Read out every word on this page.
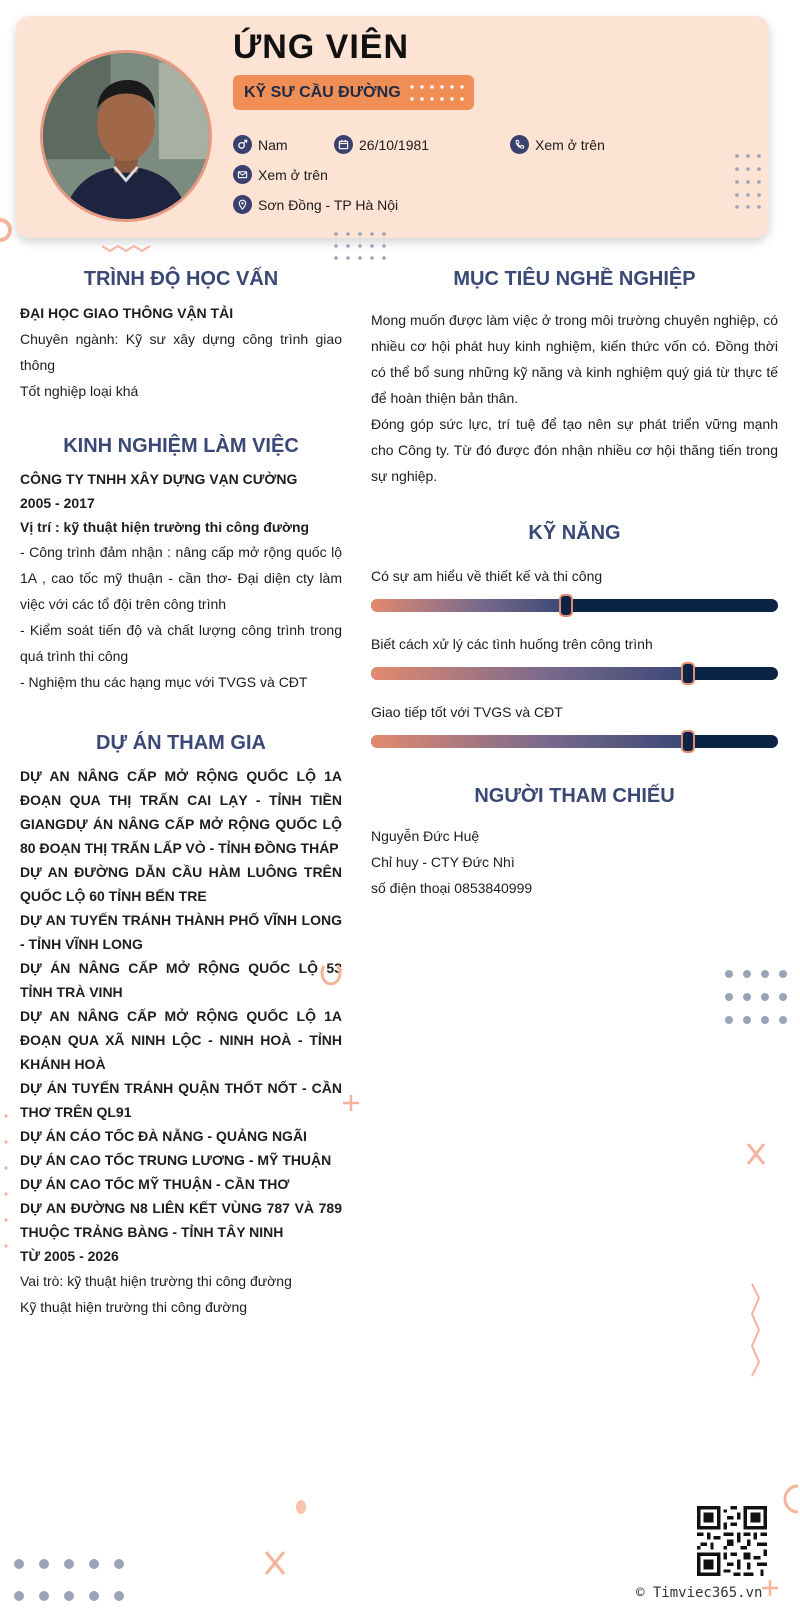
ỨNG VIÊN
KỸ SƯ CẦU ĐƯỜNG
Nam	26/10/1981	Xem ở trên
Xem ở trên
Sơn Đồng - TP Hà Nội
TRÌNH ĐỘ HỌC VẤN
ĐẠI HỌC GIAO THÔNG VẬN TẢI
Chuyên ngành: Kỹ sư xây dựng công trình giao thông
Tốt nghiệp loại khá
KINH NGHIỆM LÀM VIỆC
CÔNG TY TNHH XÂY DỰNG VẠN CƯỜNG
2005 - 2017
Vị trí : kỹ thuật hiện trường thi công đường
- Công trình đảm nhận : nâng cấp mở rộng quốc lộ 1A , cao tốc mỹ thuận - cần thơ- Đại diện cty làm việc với các tổ đội trên công trình
- Kiểm soát tiến độ và chất lượng công trình trong quá trình thi công
- Nghiệm thu các hạng mục với TVGS và CĐT
DỰ ÁN THAM GIA
DỰ AN NÂNG CẤP MỞ RỘNG QUỐC LỘ 1A ĐOẠN QUA THỊ TRẤN CAI LẠY - TỈNH TIỀN GIANGDỰ ÁN NÂNG CẤP MỞ RỘNG QUỐC LỘ 80 ĐOẠN THỊ TRẤN LẤP VÒ - TỈNH ĐỒNG THÁP
DỰ AN ĐƯỜNG DẪN CẦU HÀM LUÔNG TRÊN QUỐC LỘ 60 TỈNH BẾN TRE
DỰ AN TUYẾN TRÁNH THÀNH PHỐ VĨNH LONG - TỈNH VĨNH LONG
DỰ ÁN NÂNG CẤP MỞ RỘNG QUỐC LỘ 53 TỈNH TRÀ VINH
DỰ AN NÂNG CẤP MỞ RỘNG QUỐC LỘ 1A ĐOẠN QUA XÃ NINH LỘC - NINH HOÀ - TỈNH KHÁNH HOÀ
DỰ ÁN TUYẾN TRÁNH QUẬN THỐT NỐT - CẦN THƠ TRÊN QL91
DỰ ÁN CÁO TỐC ĐÀ NẴNG - QUẢNG NGÃI
DỰ ÁN CAO TỐC TRUNG LƯƠNG - MỸ THUẬN
DỰ ÁN CAO TỐC MỸ THUẬN - CẦN THƠ
DỰ AN ĐƯỜNG N8 LIÊN KẾT VÙNG 787 VÀ 789 THUỘC TRẢNG BÀNG - TỈNH TÂY NINH
TỪ 2005 - 2026
Vai trò: kỹ thuật hiện trường thi công đường
Kỹ thuật hiện trường thi công đường
MỤC TIÊU NGHỀ NGHIỆP
Mong muốn được làm việc ở trong môi trường chuyên nghiệp, có nhiều cơ hội phát huy kinh nghiệm, kiến thức vốn có. Đồng thời có thể bổ sung những kỹ năng và kinh nghiệm quý giá từ thực tế để hoàn thiện bản thân.
Đóng góp sức lực, trí tuệ để tạo nên sự phát triển vững mạnh cho Công ty. Từ đó được đón nhận nhiều cơ hội thăng tiến trong sự nghiệp.
KỸ NĂNG
Có sự am hiểu về thiết kế và thi công
Biết cách xử lý các tình huống trên công trình
Giao tiếp tốt với TVGS và CĐT
NGƯỜI THAM CHIẾU
Nguyễn Đức Huệ
Chỉ huy - CTY Đức Nhì
số điện thoại 0853840999
© Timviec365.vn
